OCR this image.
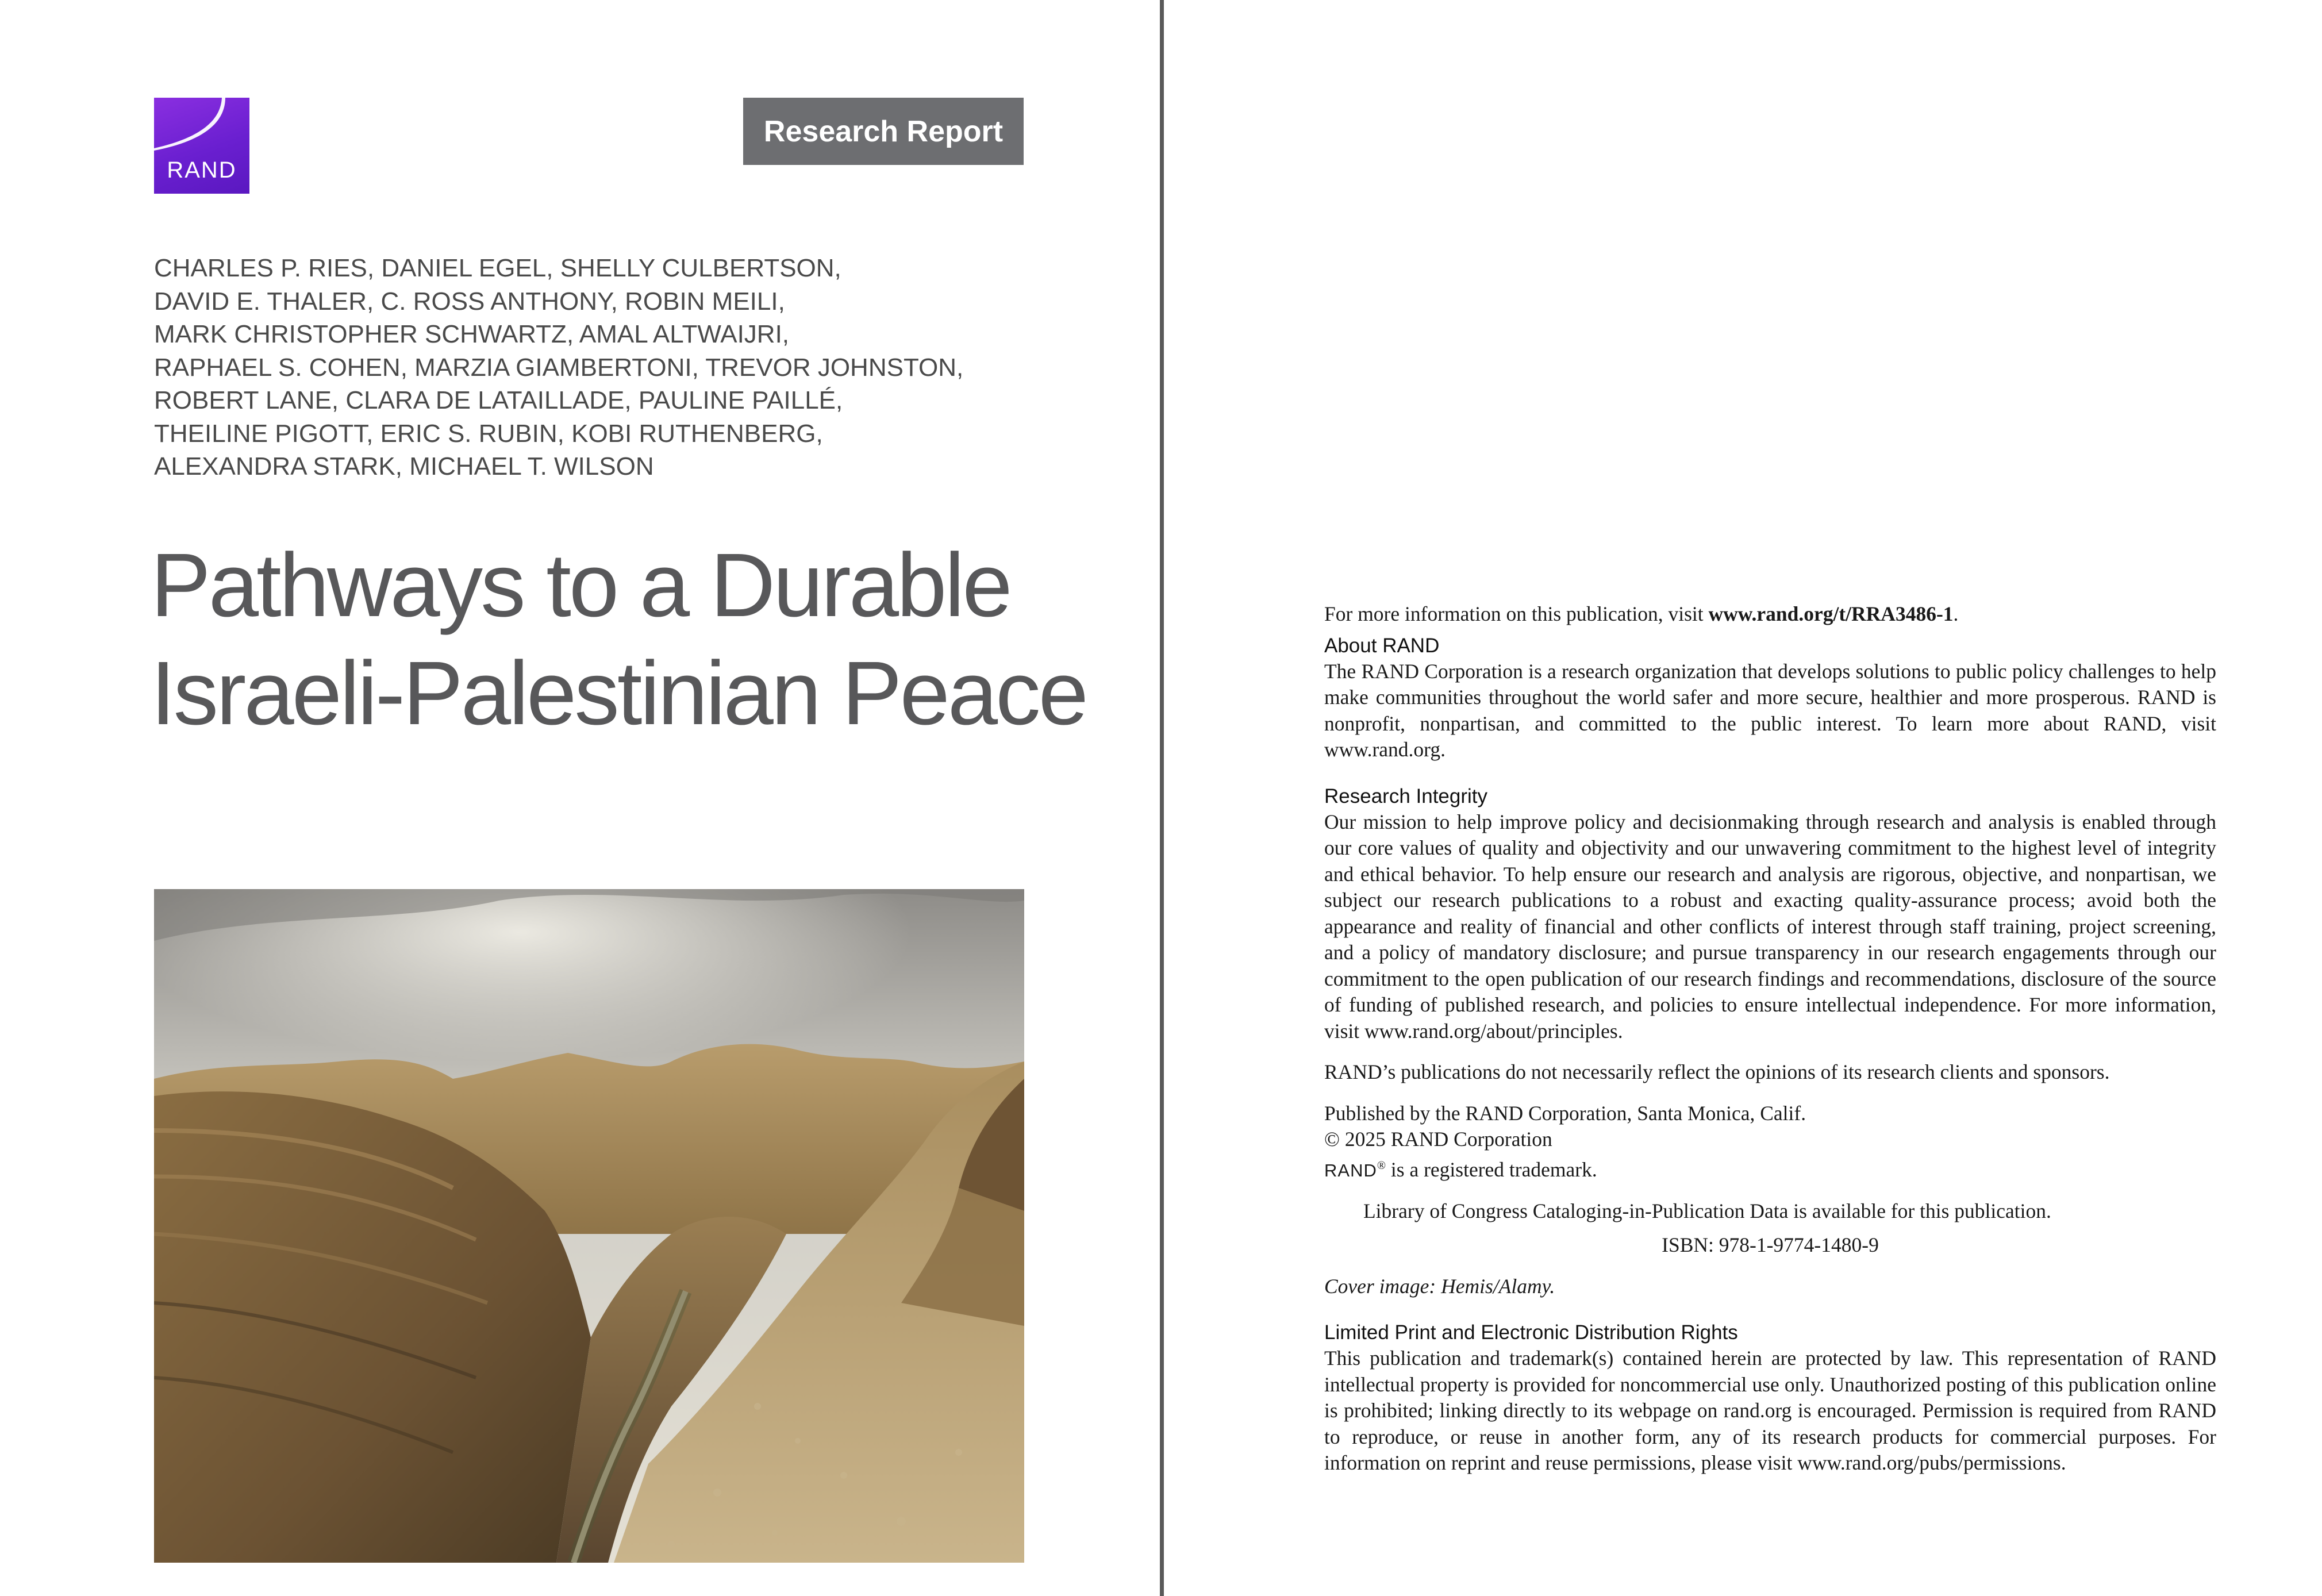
RAND
Research Report
CHARLES P. RIES, DANIEL EGEL, SHELLY CULBERTSON,
DAVID E. THALER, C. ROSS ANTHONY, ROBIN MEILI,
MARK CHRISTOPHER SCHWARTZ, AMAL ALTWAIJRI,
RAPHAEL S. COHEN, MARZIA GIAMBERTONI, TREVOR JOHNSTON,
ROBERT LANE, CLARA DE LATAILLADE, PAULINE PAILLÉ,
THEILINE PIGOTT, ERIC S. RUBIN, KOBI RUTHENBERG,
ALEXANDRA STARK, MICHAEL T. WILSON
Pathways to a Durable
Israeli-Palestinian Peace

For more information on this publication, visit www.rand.org/t/RRA3486-1.

About RAND

The RAND Corporation is a research organization that develops solutions to public policy challenges to help make communities throughout the world safer and more secure, healthier and more prosperous. RAND is nonprofit, nonpartisan, and committed to the public interest. To learn more about RAND, visit www.rand.org.

Research Integrity

Our mission to help improve policy and decisionmaking through research and analysis is enabled through our core values of quality and objectivity and our unwavering commitment to the highest level of integrity and ethical behavior. To help ensure our research and analysis are rigorous, objective, and nonpartisan, we subject our research publications to a robust and exacting quality-assurance process; avoid both the appearance and reality of financial and other conflicts of interest through staff training, project screening, and a policy of mandatory disclosure; and pursue transparency in our research engagements through our commitment to the open publication of our research findings and recommendations, disclosure of the source of funding of published research, and policies to ensure intellectual independence. For more information, visit www.rand.org/about/principles.

RAND’s publications do not necessarily reflect the opinions of its research clients and sponsors.

Published by the RAND Corporation, Santa Monica, Calif.

© 2025 RAND Corporation

RAND® is a registered trademark.

Library of Congress Cataloging-in-Publication Data is available for this publication.

ISBN: 978-1-9774-1480-9

Cover image: Hemis/Alamy.

Limited Print and Electronic Distribution Rights

This publication and trademark(s) contained herein are protected by law. This representation of RAND intellectual property is provided for noncommercial use only. Unauthorized posting of this publication online is prohibited; linking directly to its webpage on rand.org is encouraged. Permission is required from RAND to reproduce, or reuse in another form, any of its research products for commercial purposes. For information on reprint and reuse permissions, please visit www.rand.org/pubs/permissions.
